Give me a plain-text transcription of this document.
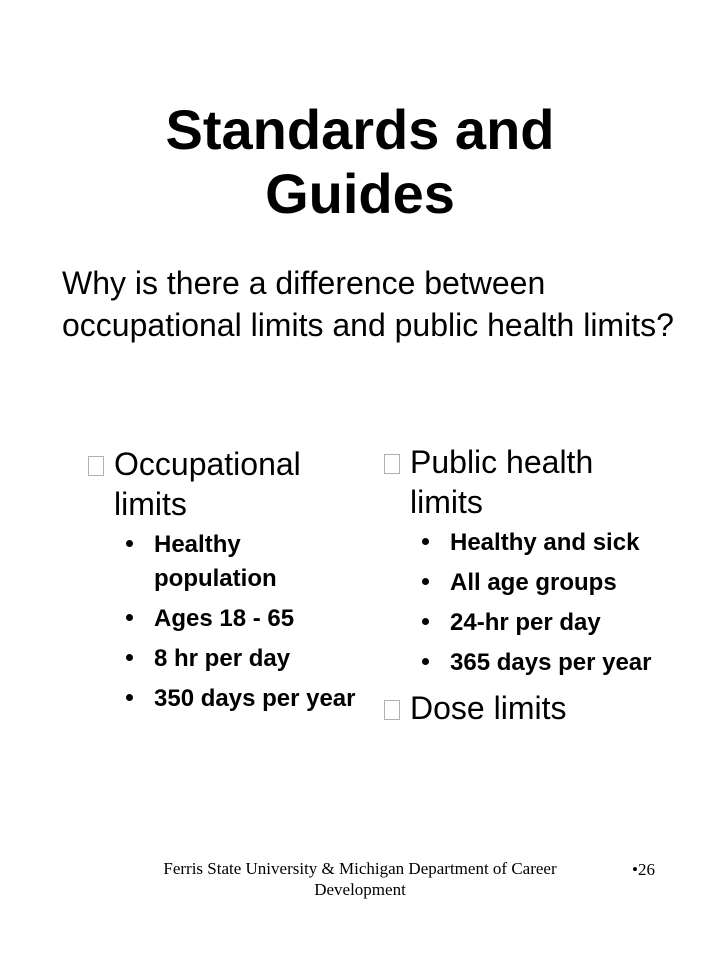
Standards and
Guides
Why is there a difference between occupational limits and public health limits?
Occupational limits
Healthy population
Ages 18 - 65
8 hr per day
350 days per year
Public health limits
Healthy and sick
All age groups
24-hr per day
365 days per year
Dose limits
Ferris State University & Michigan Department of Career Development
•26
